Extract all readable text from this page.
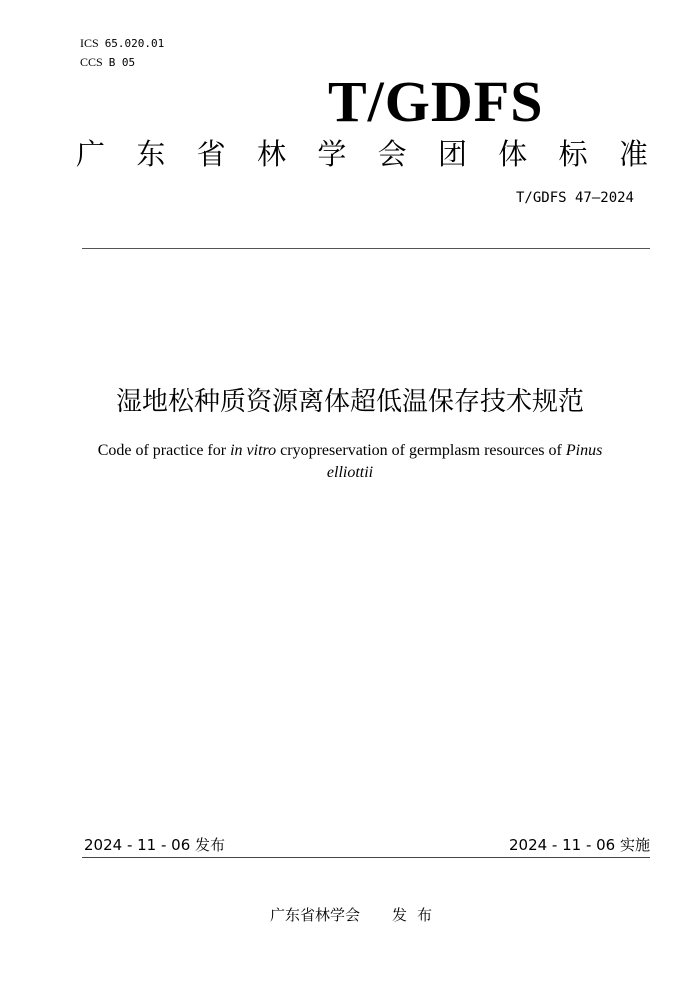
ICS 65.020.01
CCS B 05
T/GDFS
广 东 省 林 学 会 团 体 标 准
T/GDFS 47—2024
湿地松种质资源离体超低温保存技术规范
Code of practice for in vitro cryopreservation of germplasm resources of Pinus elliottii
2024 - 11 - 06 发布	2024 - 11 - 06 实施
广东省林学会 发布
